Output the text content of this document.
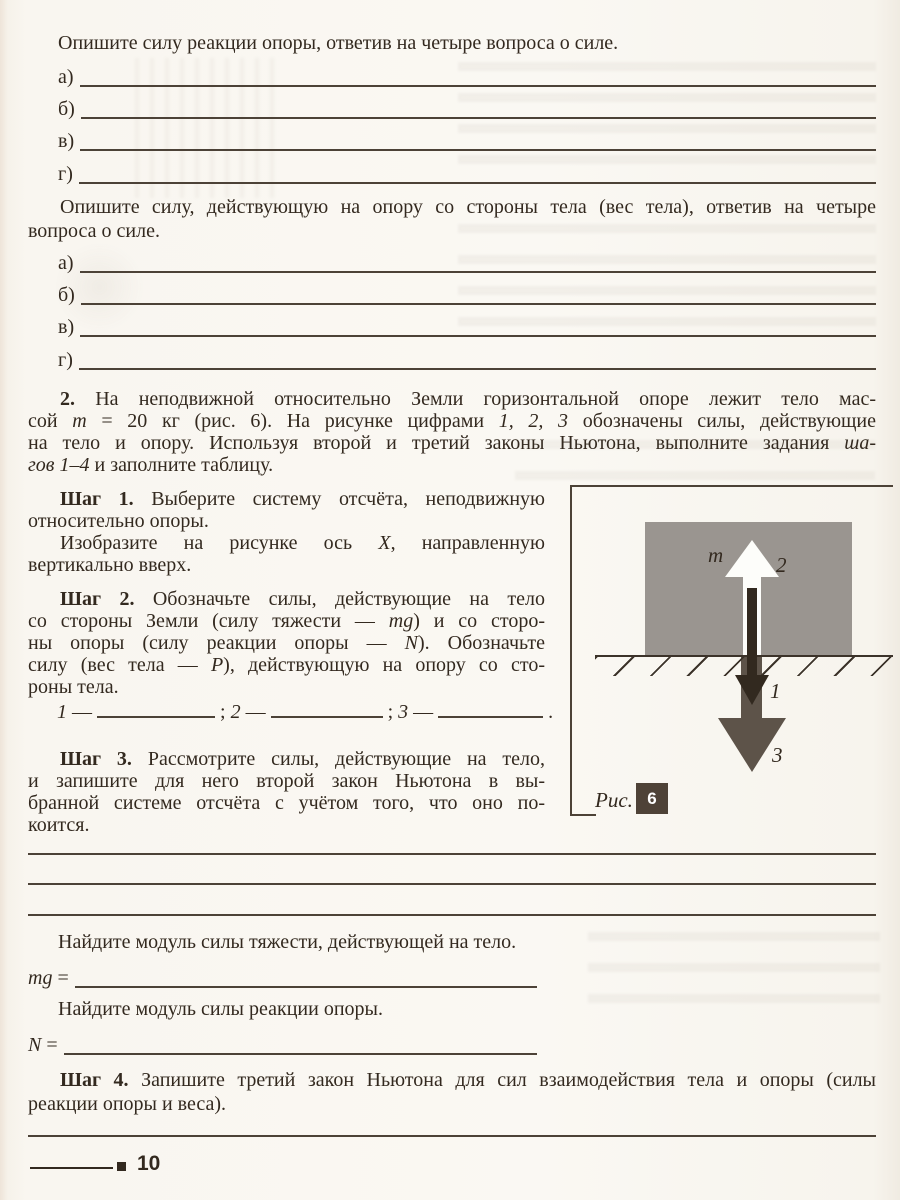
Опишите силу реакции опоры, ответив на четыре вопроса о силе.
а)
б)
в)
г)
Опишите силу, действующую на опору со стороны тела (вес тела), ответив на четыре
вопроса о силе.
а)
б)
в)
г)
2. На неподвижной относительно Земли горизонтальной опоре лежит тело мас-
сой m = 20 кг (рис. 6). На рисунке цифрами 1, 2, 3 обозначены силы, действующие
на тело и опору. Используя второй и третий законы Ньютона, выполните задания ша-
гов 1–4 и заполните таблицу.
Шаг 1. Выберите систему отсчёта, неподвижную
относительно опоры.
Изобразите на рисунке ось X, направленную
вертикально вверх.
Шаг 2. Обозначьте силы, действующие на тело
со стороны Земли (силу тяжести — mg) и со сторо-
ны опоры (силу реакции опоры — N). Обозначьте
силу (вес тела — P), действующую на опору со сто-
роны тела.
1 —	; 2 —	; 3 —	.
Шаг 3. Рассмотрите силы, действующие на тело,
и запишите для него второй закон Ньютона в вы-
бранной системе отсчёта с учётом того, что оно по-
коится.
m	2
1
3
Рис. 6
Найдите модуль силы тяжести, действующей на тело.
mg =
Найдите модуль силы реакции опоры.
N =
Шаг 4. Запишите третий закон Ньютона для сил взаимодействия тела и опоры (силы
реакции опоры и веса).
10
